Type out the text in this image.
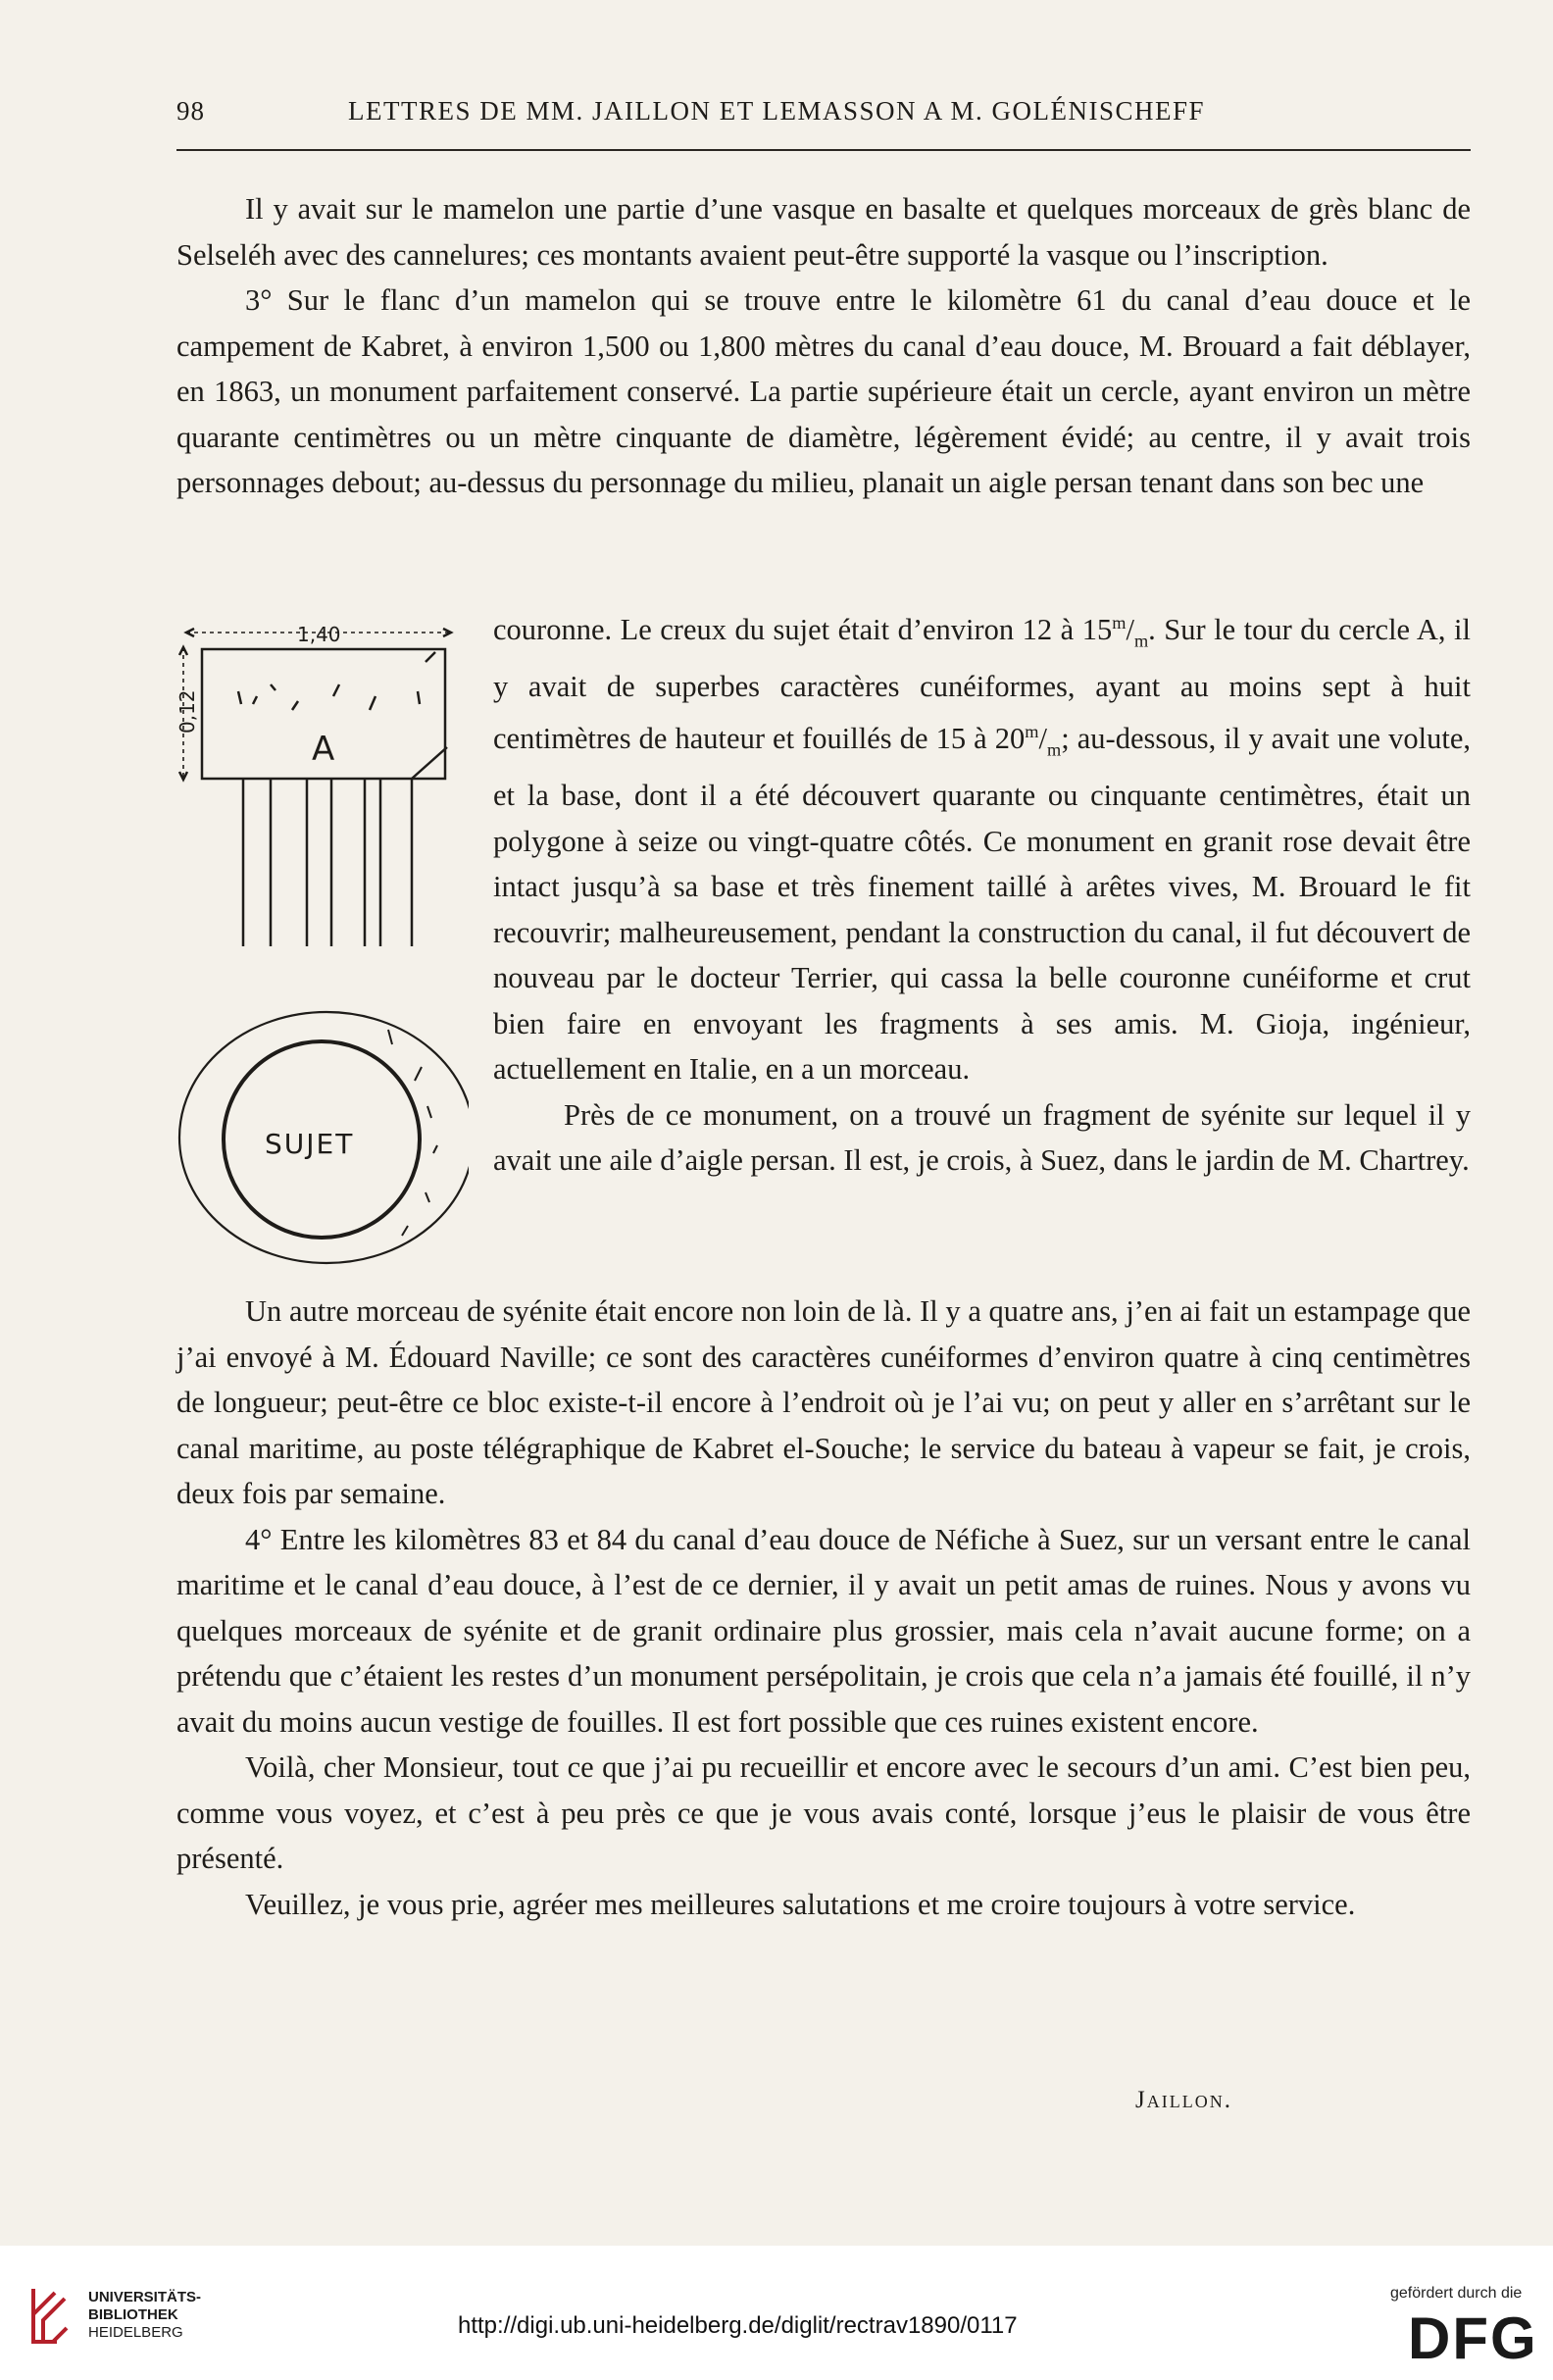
98	LETTRES DE MM. JAILLON ET LEMASSON A M. GOLÉNISCHEFF

Il y avait sur le mamelon une partie d’une vasque en basalte et quelques morceaux de grès blanc de Selseléh avec des cannelures; ces montants avaient peut-être supporté la vasque ou l’inscription.

3° Sur le flanc d’un mamelon qui se trouve entre le kilomètre 61 du canal d’eau douce et le campement de Kabret, à environ 1,500 ou 1,800 mètres du canal d’eau douce, M. Brouard a fait déblayer, en 1863, un monument parfaitement conservé. La partie supérieure était un cercle, ayant environ un mètre quarante centimètres ou un mètre cinquante de diamètre, légèrement évidé; au centre, il y avait trois personnages debout; au-dessus du personnage du milieu, planait un aigle persan tenant dans son bec une

1,40
0,12
A
SUJET

couronne. Le creux du sujet était d’environ 12 à $15^m/_m$. Sur le tour du cercle A, il y avait de superbes caractères cunéiformes, ayant au moins sept à huit centimètres de hauteur et fouillés de 15 à $20^m/_m$; au-dessous, il y avait une volute, et la base, dont il a été découvert quarante ou cinquante centimètres, était un polygone à seize ou vingt-quatre côtés. Ce monument en granit rose devait être intact jusqu’à sa base et très finement taillé à arêtes vives, M. Brouard le fit recouvrir; malheureusement, pendant la construction du canal, il fut découvert de nouveau par le docteur Terrier, qui cassa la belle couronne cunéiforme et crut bien faire en envoyant les fragments à ses amis. M. Gioja, ingénieur, actuellement en Italie, en a un morceau.

Près de ce monument, on a trouvé un fragment de syénite sur lequel il y avait une aile d’aigle persan. Il est, je crois, à Suez, dans le jardin de M. Chartrey.

Un autre morceau de syénite était encore non loin de là. Il y a quatre ans, j’en ai fait un estampage que j’ai envoyé à M. Édouard Naville; ce sont des caractères cunéiformes d’environ quatre à cinq centimètres de longueur; peut-être ce bloc existe-t-il encore à l’endroit où je l’ai vu; on peut y aller en s’arrêtant sur le canal maritime, au poste télégraphique de Kabret el-Souche; le service du bateau à vapeur se fait, je crois, deux fois par semaine.

4° Entre les kilomètres 83 et 84 du canal d’eau douce de Néfiche à Suez, sur un versant entre le canal maritime et le canal d’eau douce, à l’est de ce dernier, il y avait un petit amas de ruines. Nous y avons vu quelques morceaux de syénite et de granit ordinaire plus grossier, mais cela n’avait aucune forme; on a prétendu que c’étaient les restes d’un monument persépolitain, je crois que cela n’a jamais été fouillé, il n’y avait du moins aucun vestige de fouilles. Il est fort possible que ces ruines existent encore.

Voilà, cher Monsieur, tout ce que j’ai pu recueillir et encore avec le secours d’un ami. C’est bien peu, comme vous voyez, et c’est à peu près ce que je vous avais conté, lorsque j’eus le plaisir de vous être présenté.

Veuillez, je vous prie, agréer mes meilleures salutations et me croire toujours à votre service.

Jaillon.
UNIVERSITÄTS-
BIBLIOTHEK
HEIDELBERG	http://digi.ub.uni-heidelberg.de/diglit/rectrav1890/0117
gefördert durch die
DFG
